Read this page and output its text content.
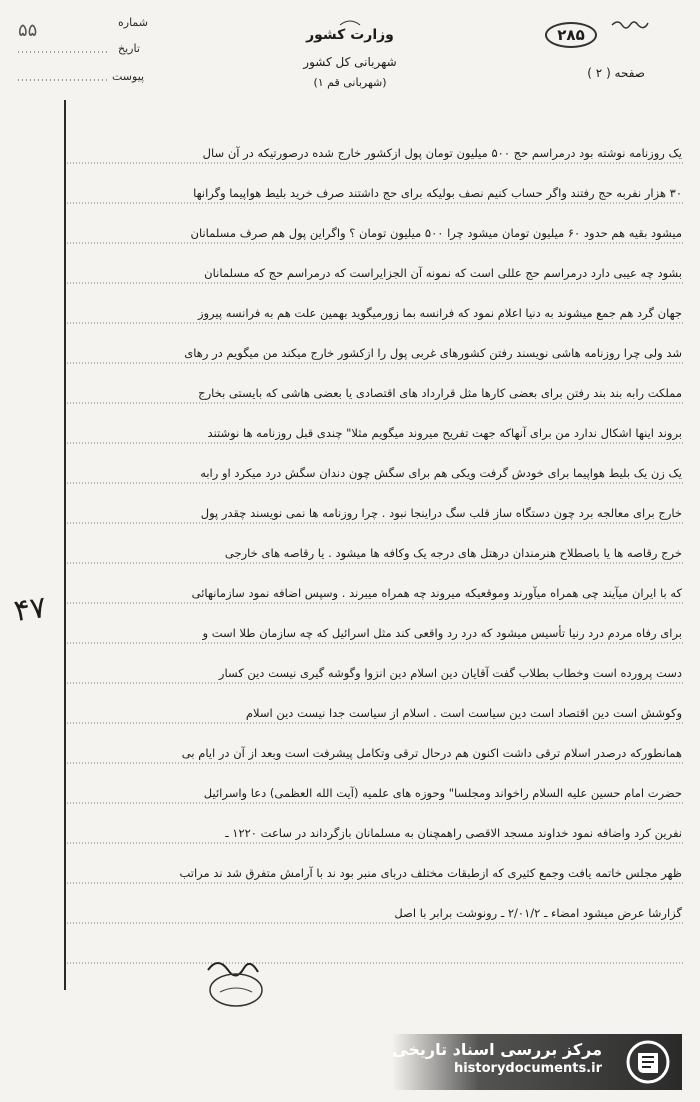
شماره
۵۵
تاریخ
پیوست
وزارت کشور
شهربانی کل کشور
(شهربانی قم ۱)
۲۸۵
صفحه ( ۲ )
یک روزنامه نوشته بود درمراسم حج ۵۰۰ میلیون تومان پول ازکشور خارج شده درصورتیکه در آن سال
۳۰ هزار نفربه حج رفتند واگر حساب کنیم نصف بولیکه برای حج داشتند صرف خرید بلیط هواپیما وگرانها
میشود بقیه هم حدود ۶۰ میلیون تومان میشود چرا ۵۰۰ میلیون تومان ؟ واگراین پول هم صرف مسلمانان
بشود چه عیبی دارد درمراسم حج عللی است که نمونه آن الجزایراست که درمراسم حج که مسلمانان
جهان گرد هم جمع میشوند به دنیا اعلام نمود که فرانسه بما زورمیگوید بهمین علت هم به فرانسه پیروز
شد ولی چرا روزنامه هاشی نویسند رفتن کشورهای غربی پول را ازکشور خارج میکند من میگویم در رهای
مملکت رابه بند بند رفتن برای بعضی کارها مثل قرارداد های اقتصادی یا بعضی هاشی که بایستی بخارج
بروند اینها اشکال ندارد من برای آنهاکه جهت تفریح میروند میگویم مثلا" چندی قبل روزنامه ها نوشتند
یک زن یک بلیط هواپیما برای خودش گرفت ویکی هم برای سگش چون دندان سگش درد میکرد او رابه
خارج برای معالجه برد چون دستگاه ساز قلب سگ دراینجا نبود . چرا روزنامه ها نمی نویسند چقدر پول
خرج رقاصه ها یا باصطلاح هنرمندان درهتل های درجه یک وکافه ها میشود . یا رقاصه های خارجی
که با ایران میآیند چی همراه میآورند وموقعیکه میروند چه همراه میبرند . وسپس اضافه نمود سازمانهائی
برای رفاه مردم درد رنیا تأسیس میشود که درد رد واقعی کند مثل اسرائیل که چه سازمان طلا است و
دست پرورده است وخطاب بطلاب گفت آقایان دین اسلام دین انزوا وگوشه گیری نیست دین کسار
وکوشش است دین اقتصاد است دین سیاست است . اسلام از سیاست جدا نیست دین اسلام
همانطورکه درصدر اسلام ترقی داشت اکنون هم درحال ترقی وتکامل پیشرفت است وبعد از آن در ایام بی
حضرت امام حسین علیه السلام راخواند ومجلسا" وحوزه های علمیه (آیت الله العظمی) دعا واسرائیل
نفرین کرد واضافه نمود خداوند مسجد الاقصی راهمچنان به مسلمانان بازگرداند در ساعت ۱۲۲۰ ـ
ظهر مجلس خاتمه یافت وجمع کثیری که ازطبقات مختلف دربای منبر بود ند با آرامش متفرق شد ند مراتب
گزارشا عرض میشود امضاء ـ ۲/۰۱/۲ ـ رونوشت برابر با اصل
۴۷
مرکز بررسی اسناد تاریخی
historydocuments.ir
